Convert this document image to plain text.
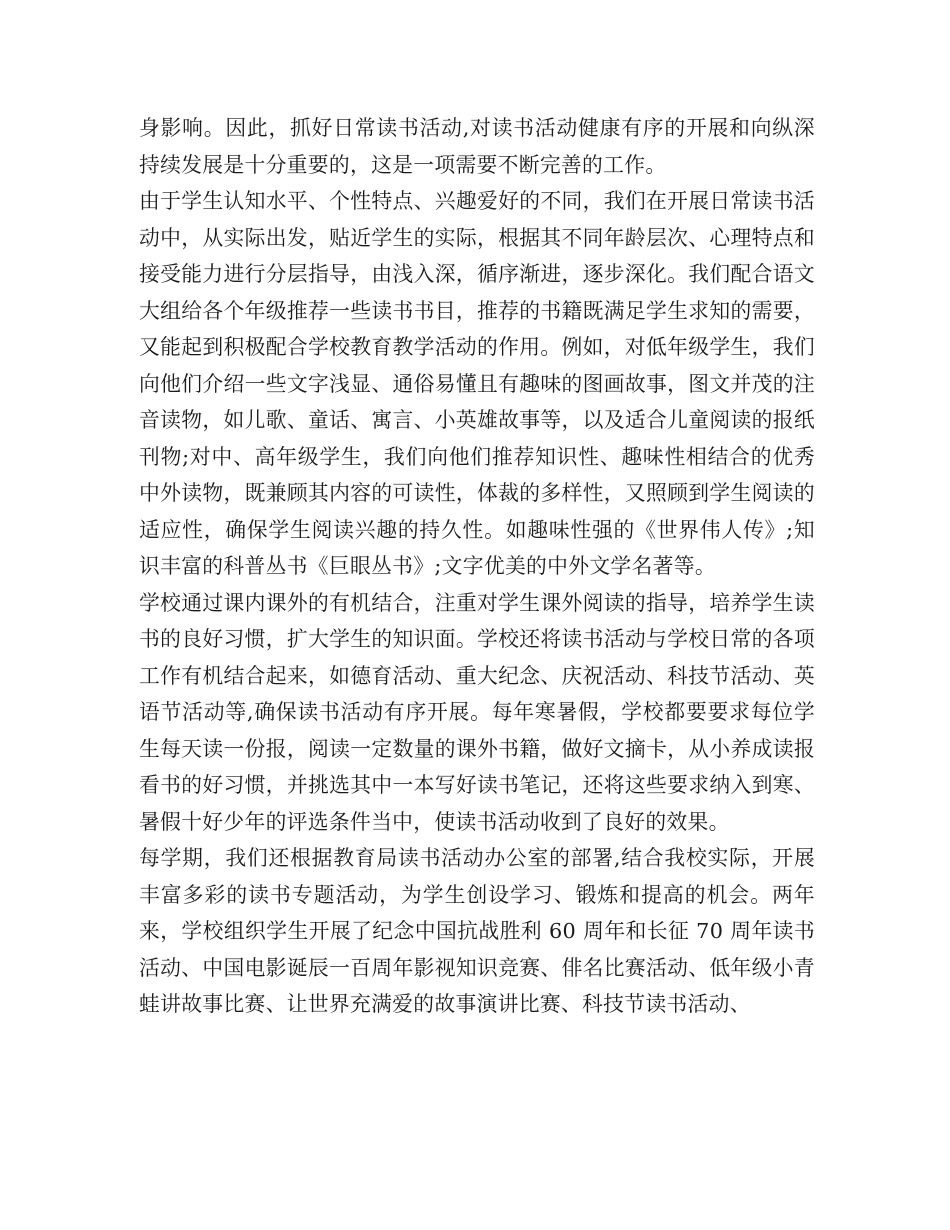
身影响。因此，抓好日常读书活动,对读书活动健康有序的开展和向纵深持续发展是十分重要的，这是一项需要不断完善的工作。

由于学生认知水平、个性特点、兴趣爱好的不同，我们在开展日常读书活动中，从实际出发，贴近学生的实际，根据其不同年龄层次、心理特点和接受能力进行分层指导，由浅入深，循序渐进，逐步深化。我们配合语文大组给各个年级推荐一些读书书目，推荐的书籍既满足学生求知的需要，又能起到积极配合学校教育教学活动的作用。例如，对低年级学生，我们向他们介绍一些文字浅显、通俗易懂且有趣味的图画故事，图文并茂的注音读物，如儿歌、童话、寓言、小英雄故事等，以及适合儿童阅读的报纸刊物;对中、高年级学生，我们向他们推荐知识性、趣味性相结合的优秀中外读物，既兼顾其内容的可读性，体裁的多样性，又照顾到学生阅读的适应性，确保学生阅读兴趣的持久性。如趣味性强的《世界伟人传》;知识丰富的科普丛书《巨眼丛书》;文字优美的中外文学名著等。

学校通过课内课外的有机结合，注重对学生课外阅读的指导，培养学生读书的良好习惯，扩大学生的知识面。学校还将读书活动与学校日常的各项工作有机结合起来，如德育活动、重大纪念、庆祝活动、科技节活动、英语节活动等,确保读书活动有序开展。每年寒暑假，学校都要要求每位学生每天读一份报，阅读一定数量的课外书籍，做好文摘卡，从小养成读报看书的好习惯，并挑选其中一本写好读书笔记，还将这些要求纳入到寒、暑假十好少年的评选条件当中，使读书活动收到了良好的效果。

每学期，我们还根据教育局读书活动办公室的部署,结合我校实际，开展丰富多彩的读书专题活动，为学生创设学习、锻炼和提高的机会。两年来，学校组织学生开展了纪念中国抗战胜利 60 周年和长征 70 周年读书活动、中国电影诞辰一百周年影视知识竞赛、俳名比赛活动、低年级小青蛙讲故事比赛、让世界充满爱的故事演讲比赛、科技节读书活动、
